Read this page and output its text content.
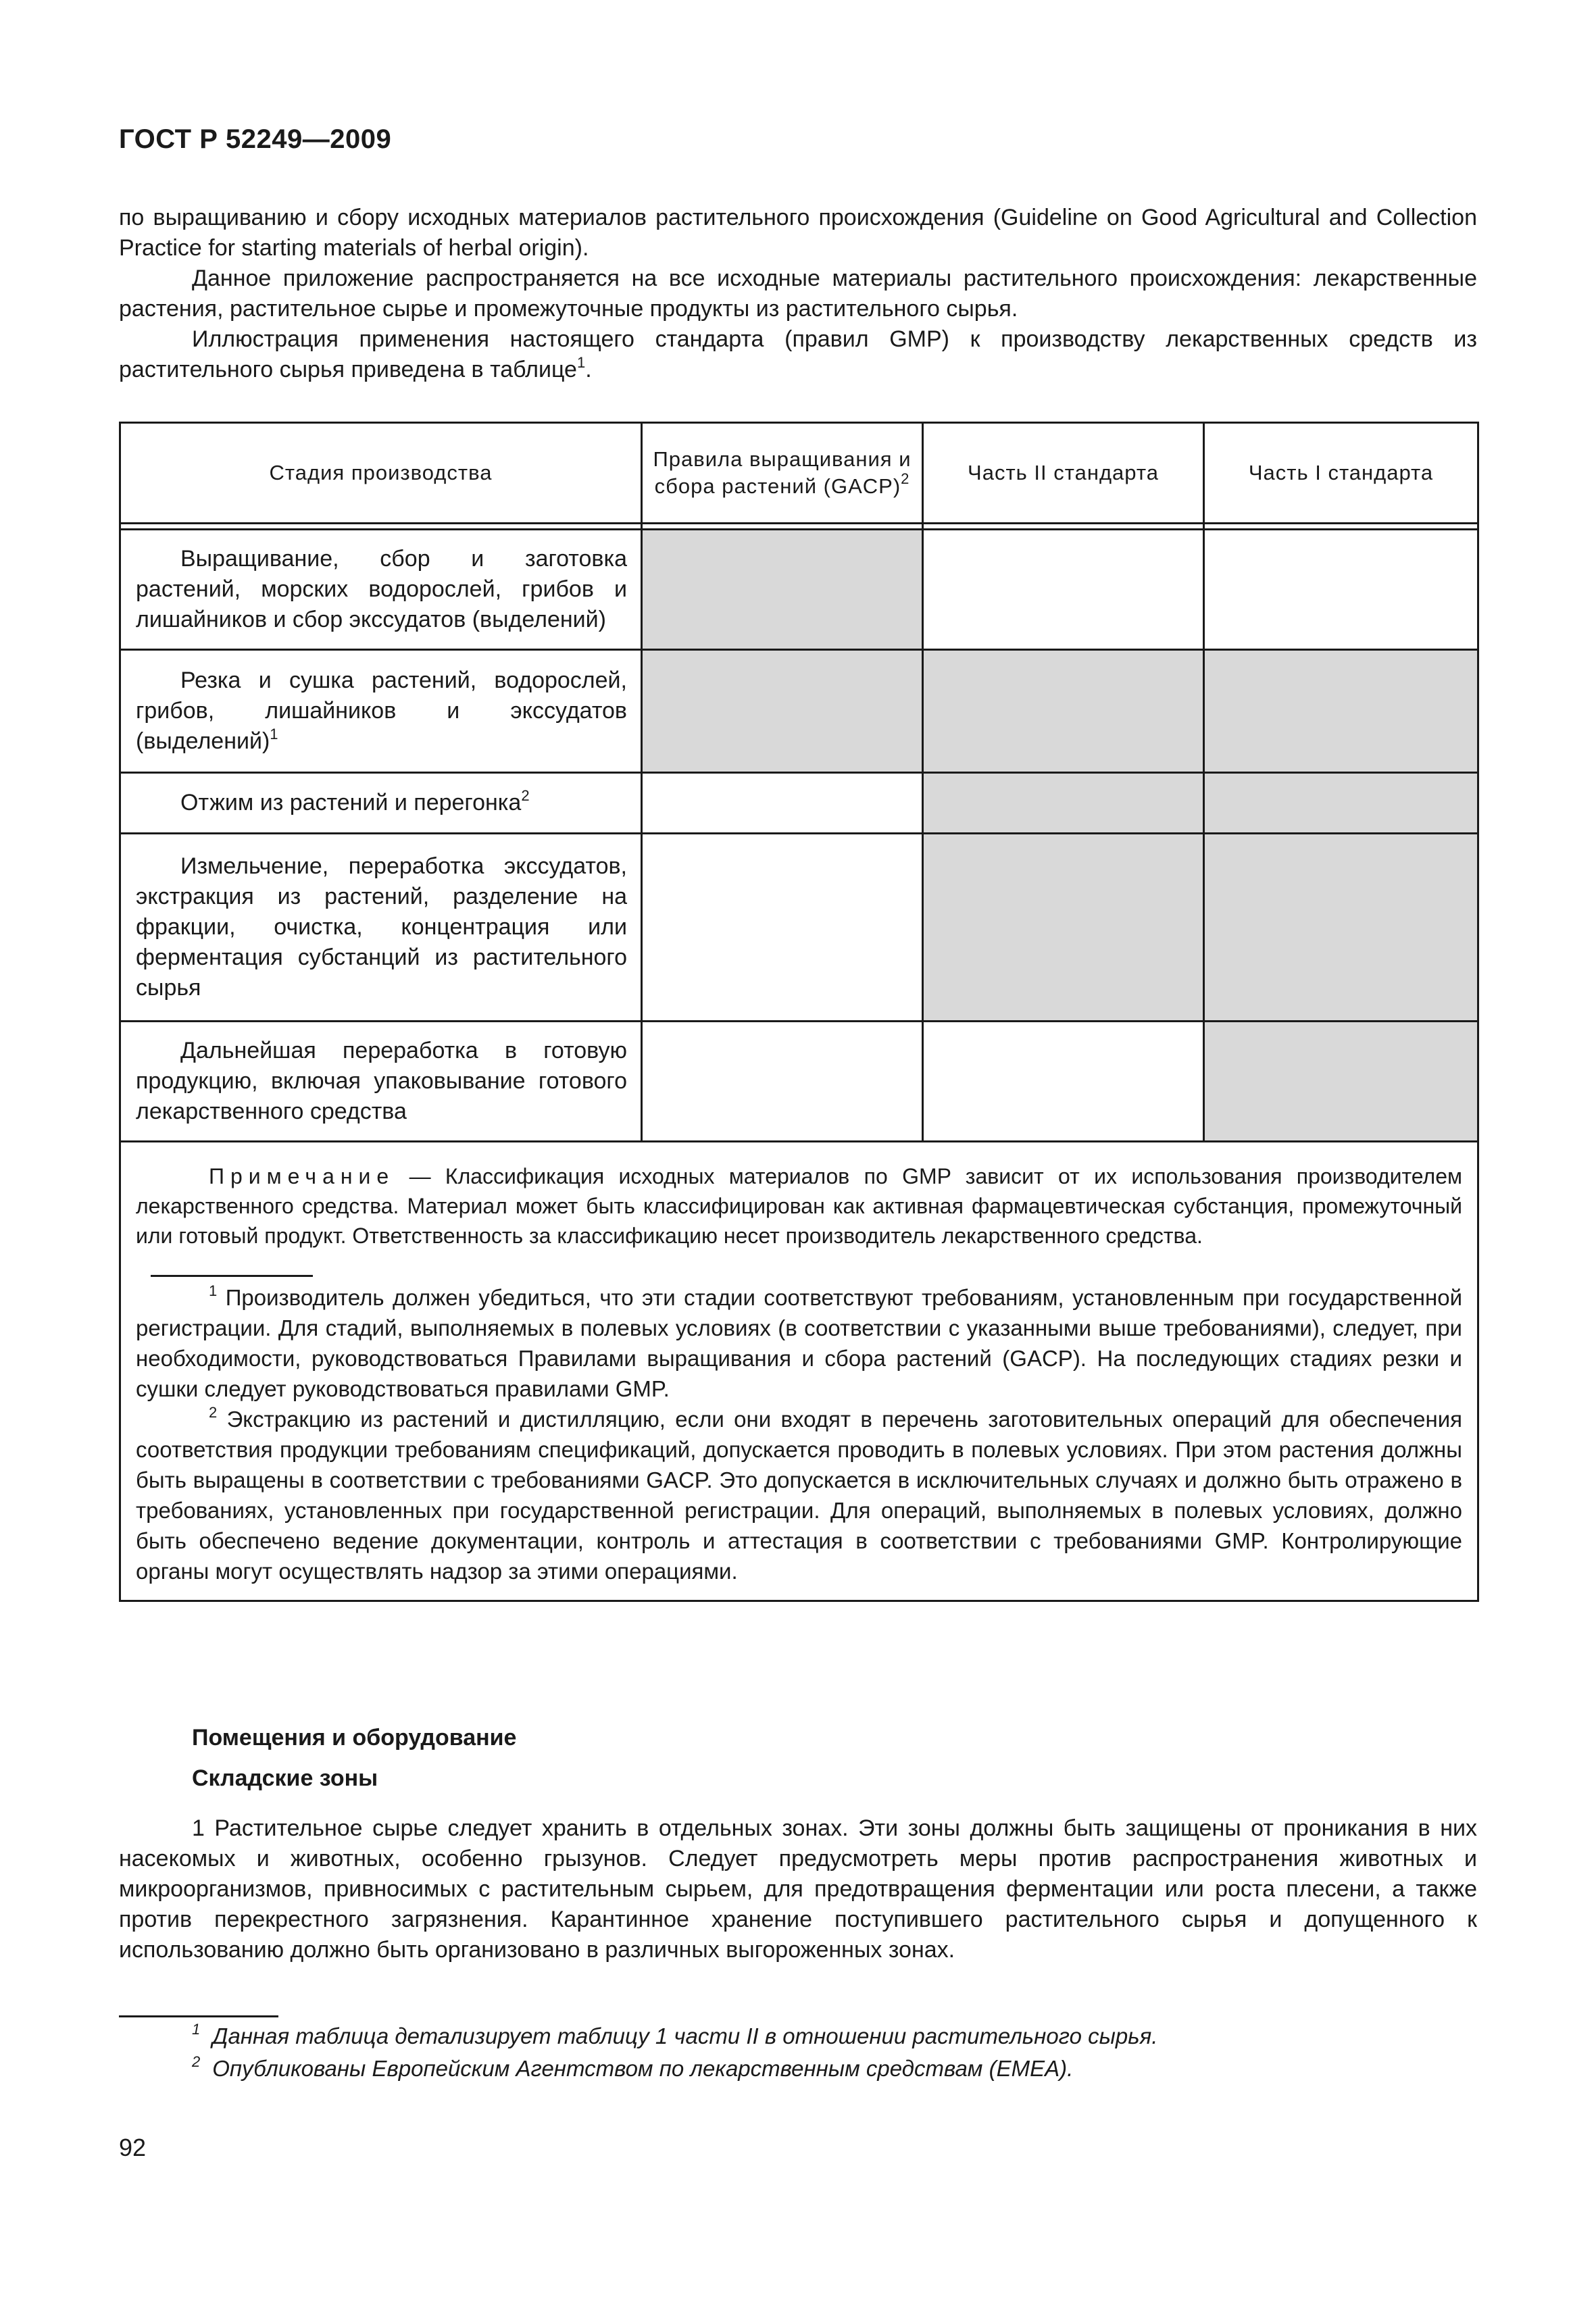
ГОСТ Р 52249—2009

по выращиванию и сбору исходных материалов растительного происхождения (Guideline on Good Agricultural and Collection Practice for starting materials of herbal origin).

Данное приложение распространяется на все исходные материалы растительного происхождения: лекарственные растения, растительное сырье и промежуточные продукты из растительного сырья.

Иллюстрация применения настоящего стандарта (правил GMP) к производству лекарственных средств из растительного сырья приведена в таблице$^1$.

Стадия производства	Правила выращивания и сбора растений (GACP)$^2$	Часть II стандарта	Часть I стандарта

Выращивание, сбор и заготовка растений, морских водорослей, грибов и лишайников и сбор экссудатов (выделений)			

Резка и сушка растений, водорослей, грибов, лишайников и экссудатов (выделений)$^1$

Отжим из растений и перегонка$^2$

Измельчение, переработка экссудатов, экстракция из растений, разделение на фракции, очистка, концентрация или ферментация субстанций из растительного сырья			

Дальнейшая переработка в готовую продукцию, включая упаковывание готового лекарственного средства			

Примечание — Классификация исходных материалов по GMP зависит от их использования производителем лекарственного средства. Материал может быть классифицирован как активная фармацевтическая субстанция, промежуточный или готовый продукт. Ответственность за классификацию несет производитель лекарственного средства.

$^1$ Производитель должен убедиться, что эти стадии соответствуют требованиям, установленным при государственной регистрации. Для стадий, выполняемых в полевых условиях (в соответствии с указанными выше требованиями), следует, при необходимости, руководствоваться Правилами выращивания и сбора растений (GACP). На последующих стадиях резки и сушки следует руководствоваться правилами GMP.

$^2$ Экстракцию из растений и дистилляцию, если они входят в перечень заготовительных операций для обеспечения соответствия продукции требованиям спецификаций, допускается проводить в полевых условиях. При этом растения должны быть выращены в соответствии с требованиями GACP. Это допускается в исключительных случаях и должно быть отражено в требованиях, установленных при государственной регистрации. Для операций, выполняемых в полевых условиях, должно быть обеспечено ведение документации, контроль и аттестация в соответствии с требованиями GMP. Контролирующие органы могут осуществлять надзор за этими операциями.			

Помещения и оборудование
Складские зоны

1 Растительное сырье следует хранить в отдельных зонах. Эти зоны должны быть защищены от проникания в них насекомых и животных, особенно грызунов. Следует предусмотреть меры против распространения животных и микроорганизмов, привносимых с растительным сырьем, для предотвращения ферментации или роста плесени, а также против перекрестного загрязнения. Карантинное хранение поступившего растительного сырья и допущенного к использованию должно быть организовано в различных выгороженных зонах.

$^1$ Данная таблица детализирует таблицу 1 части II в отношении растительного сырья.

$^2$ Опубликованы Европейским Агентством по лекарственным средствам (EMEA).

92
